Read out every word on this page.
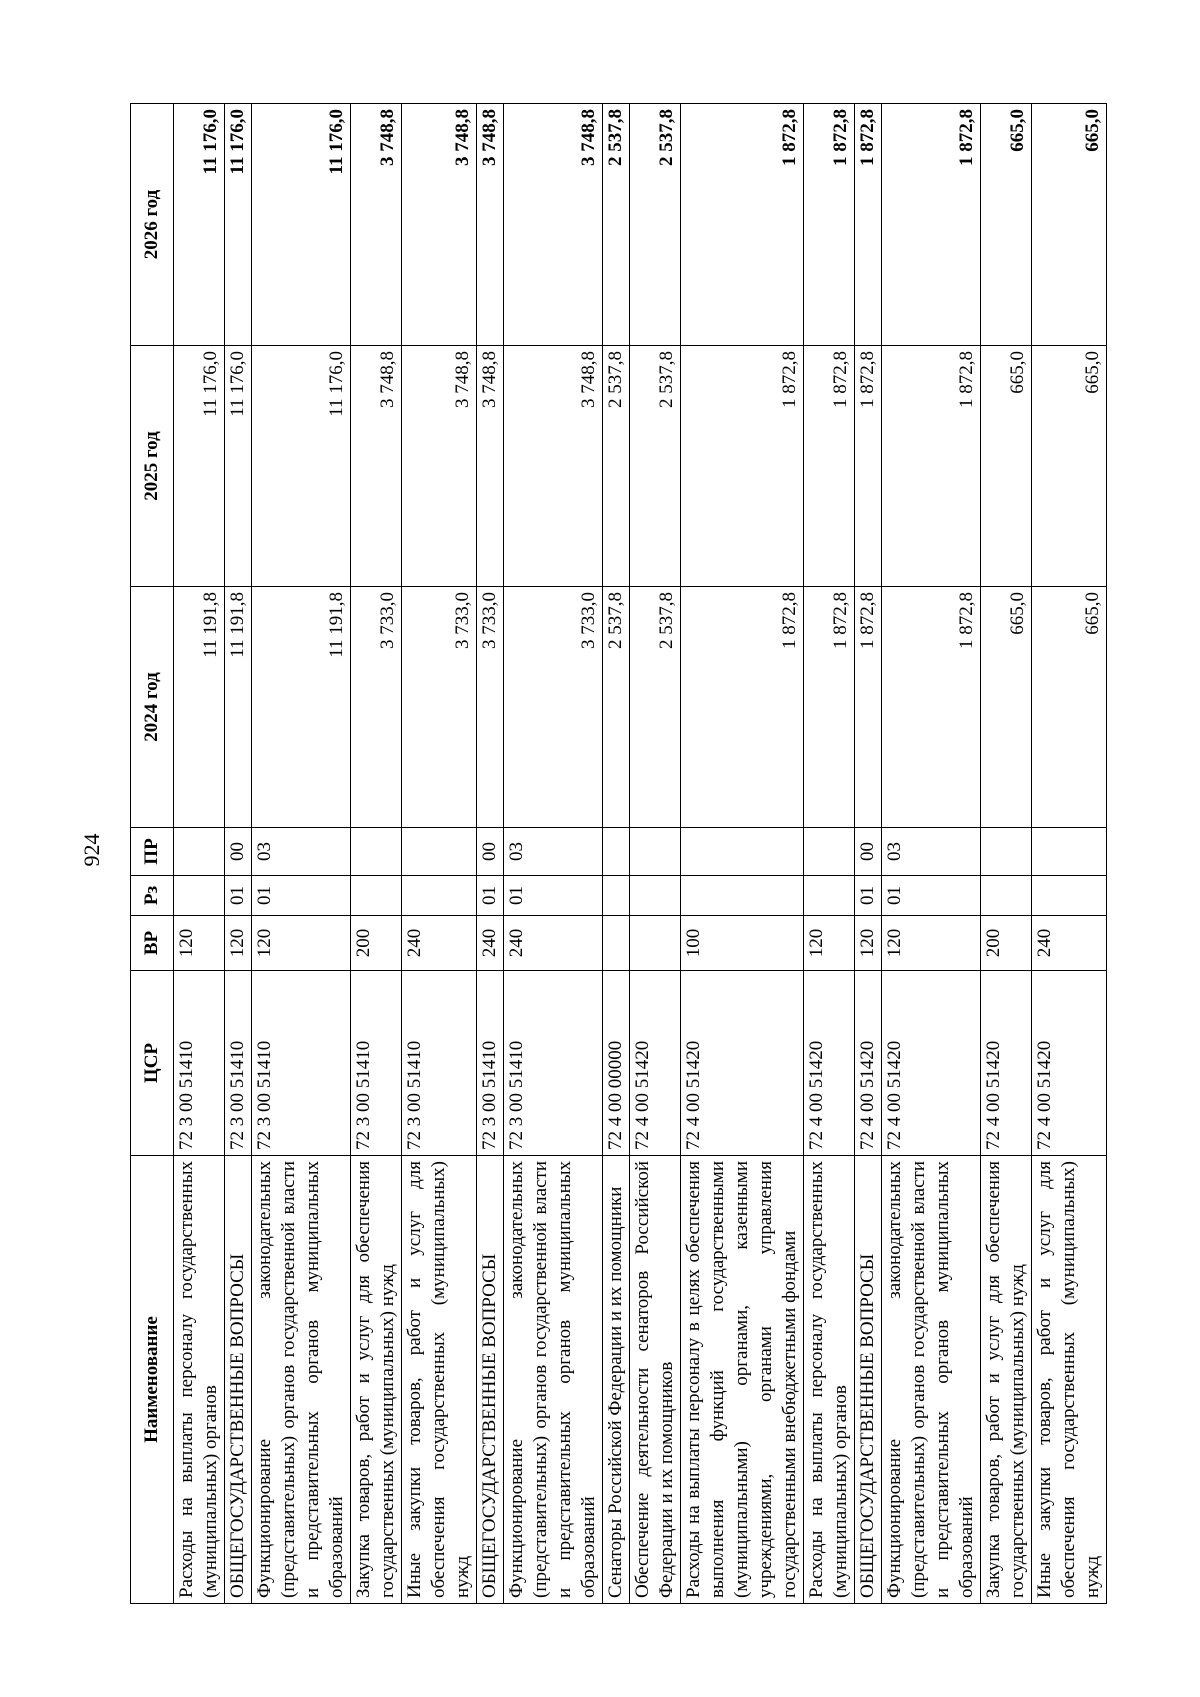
924
Наименование	ЦСР	ВР	Рз	ПР	2024 год	2025 год	2026 год
Расходы на выплаты персоналу государственных (муниципальных) органов	72 3 00 51410	120			11 191,8	11 176,0	11 176,0
ОБЩЕГОСУДАРСТВЕННЫЕ ВОПРОСЫ	72 3 00 51410	120	01	00	11 191,8	11 176,0	11 176,0
Функционирование законодательных (представительных) органов государственной власти и представительных органов муниципальных образований	72 3 00 51410	120	01	03	11 191,8	11 176,0	11 176,0
Закупка товаров, работ и услуг для обеспечения государственных (муниципальных) нужд	72 3 00 51410	200			3 733,0	3 748,8	3 748,8
Иные закупки товаров, работ и услуг для обеспечения государственных (муниципальных) нужд	72 3 00 51410	240			3 733,0	3 748,8	3 748,8
ОБЩЕГОСУДАРСТВЕННЫЕ ВОПРОСЫ	72 3 00 51410	240	01	00	3 733,0	3 748,8	3 748,8
Функционирование законодательных (представительных) органов государственной власти и представительных органов муниципальных образований	72 3 00 51410	240	01	03	3 733,0	3 748,8	3 748,8
Сенаторы Российской Федерации и их помощники	72 4 00 00000				2 537,8	2 537,8	2 537,8
Обеспечение деятельности сенаторов Российской Федерации и их помощников	72 4 00 51420				2 537,8	2 537,8	2 537,8
Расходы на выплаты персоналу в целях обеспечения выполнения функций государственными (муниципальными) органами, казенными учреждениями, органами управления государственными внебюджетными фондами	72 4 00 51420	100			1 872,8	1 872,8	1 872,8
Расходы на выплаты персоналу государственных (муниципальных) органов	72 4 00 51420	120			1 872,8	1 872,8	1 872,8
ОБЩЕГОСУДАРСТВЕННЫЕ ВОПРОСЫ	72 4 00 51420	120	01	00	1 872,8	1 872,8	1 872,8
Функционирование законодательных (представительных) органов государственной власти и представительных органов муниципальных образований	72 4 00 51420	120	01	03	1 872,8	1 872,8	1 872,8
Закупка товаров, работ и услуг для обеспечения государственных (муниципальных) нужд	72 4 00 51420	200			665,0	665,0	665,0
Иные закупки товаров, работ и услуг для обеспечения государственных (муниципальных) нужд	72 4 00 51420	240			665,0	665,0	665,0
